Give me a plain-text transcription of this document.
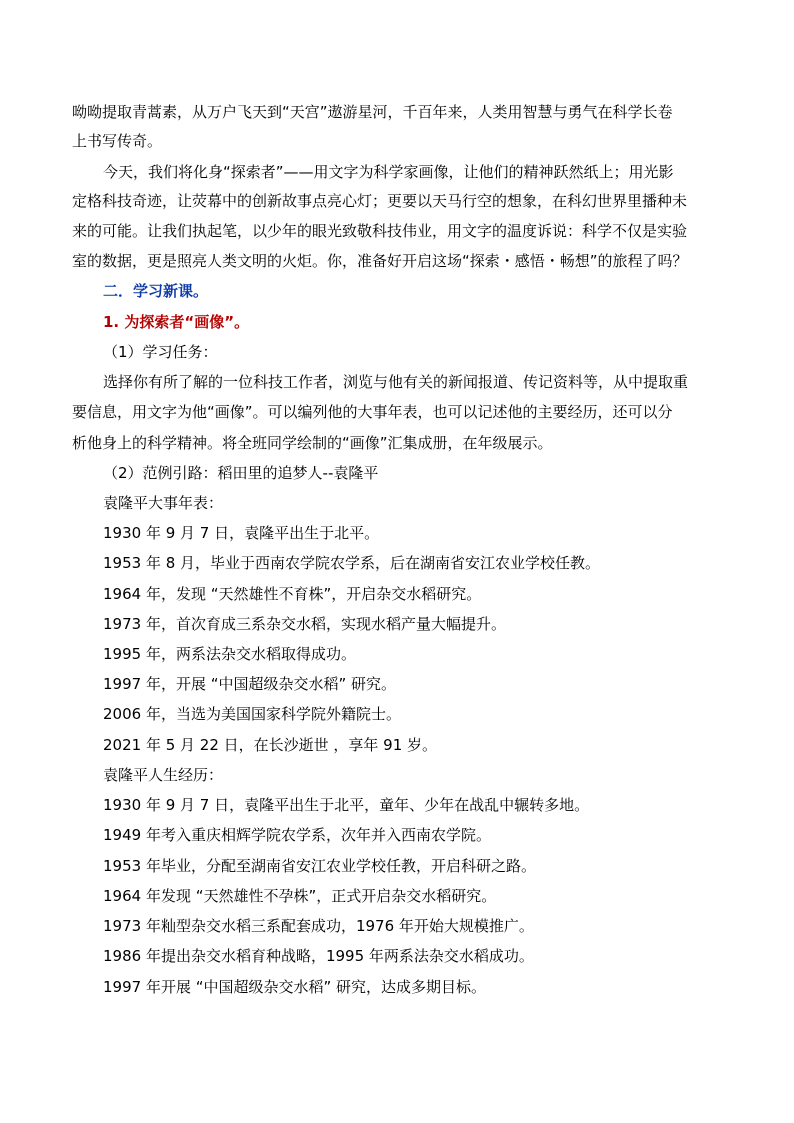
呦呦提取青蒿素，从万户飞天到“天宫”遨游星河，千百年来，人类用智慧与勇气在科学长卷

上书写传奇。

今天，我们将化身“探索者”——用文字为科学家画像，让他们的精神跃然纸上；用光影

定格科技奇迹，让荧幕中的创新故事点亮心灯；更要以天马行空的想象，在科幻世界里播种未

来的可能。让我们执起笔，以少年的眼光致敬科技伟业，用文字的温度诉说：科学不仅是实验

室的数据，更是照亮人类文明的火炬。你，准备好开启这场“探索・感悟・畅想”的旅程了吗？

二．学习新课。

1. 为探索者“画像”。

（1）学习任务：

选择你有所了解的一位科技工作者，浏览与他有关的新闻报道、传记资料等，从中提取重

要信息，用文字为他“画像”。可以编列他的大事年表，也可以记述他的主要经历，还可以分

析他身上的科学精神。将全班同学绘制的“画像”汇集成册，在年级展示。

（2）范例引路：稻田里的追梦人--袁隆平

袁隆平大事年表：

1930 年 9 月 7 日，袁隆平出生于北平。

1953 年 8 月，毕业于西南农学院农学系，后在湖南省安江农业学校任教。

1964 年，发现 “天然雄性不育株”，开启杂交水稻研究。

1973 年，首次育成三系杂交水稻，实现水稻产量大幅提升。

1995 年，两系法杂交水稻取得成功。

1997 年，开展 “中国超级杂交水稻” 研究。

2006 年，当选为美国国家科学院外籍院士。

2021 年 5 月 22 日，在长沙逝世 ，享年 91 岁。

袁隆平人生经历：

1930 年 9 月 7 日，袁隆平出生于北平，童年、少年在战乱中辗转多地。

1949 年考入重庆相辉学院农学系，次年并入西南农学院。

1953 年毕业，分配至湖南省安江农业学校任教，开启科研之路。

1964 年发现 “天然雄性不孕株”，正式开启杂交水稻研究。

1973 年籼型杂交水稻三系配套成功，1976 年开始大规模推广。

1986 年提出杂交水稻育种战略，1995 年两系法杂交水稻成功。

1997 年开展 “中国超级杂交水稻” 研究，达成多期目标。
